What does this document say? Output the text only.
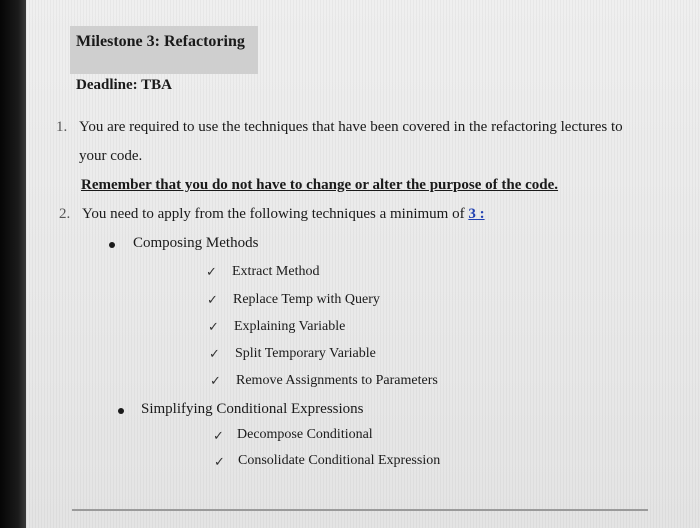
Milestone 3: Refactoring
Deadline: TBA
1. You are required to use the techniques that have been covered in the refactoring lectures to
your code.
Remember that you do not have to change or alter the purpose of the code.
2. You need to apply from the following techniques a minimum of 3 :
Composing Methods
✓ Extract Method
✓ Replace Temp with Query
✓ Explaining Variable
✓ Split Temporary Variable
✓ Remove Assignments to Parameters
Simplifying Conditional Expressions
✓ Decompose Conditional
✓ Consolidate Conditional Expression
